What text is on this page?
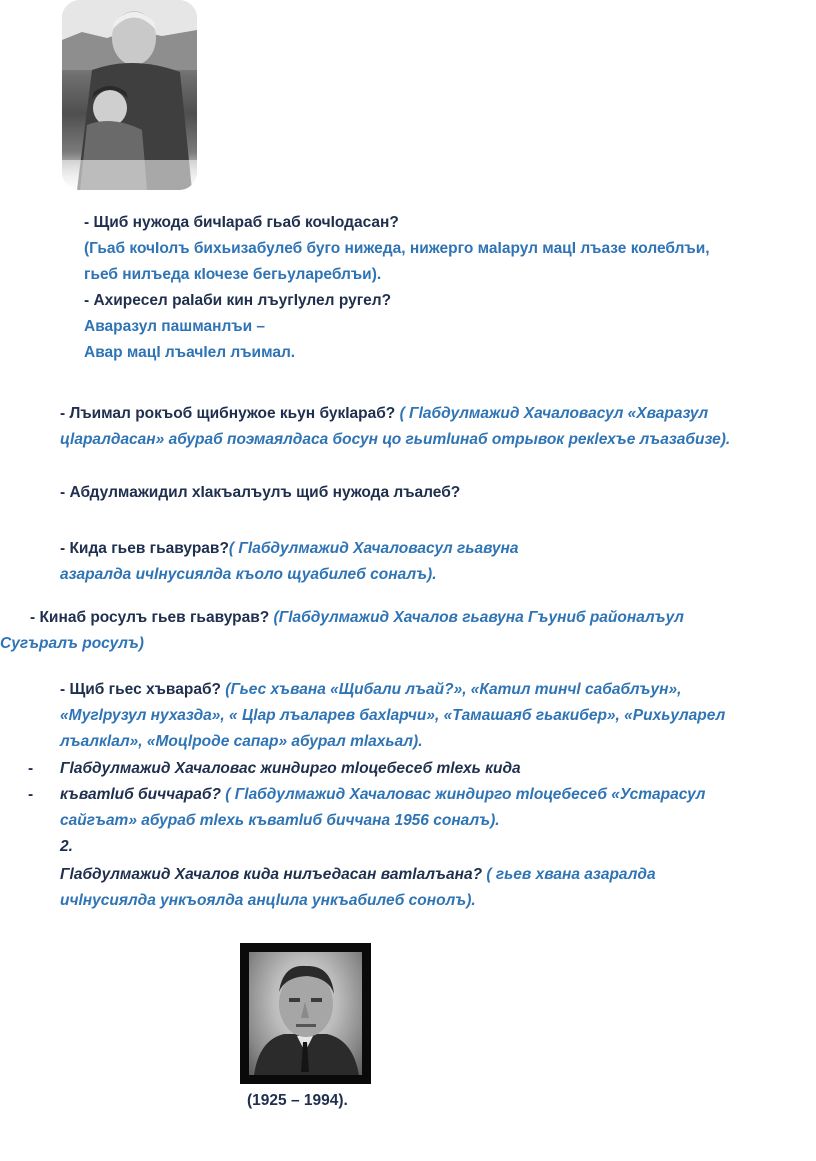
- Щиб нужода бичӀараб гьаб кочӀодасан?
(Гьаб кочӀолъ бихьизабулеб буго нижеда, нижерго маIарул мацI лъазе колеблъи,
гьеб нилъеда кIочезе бегьулареблъи).
- Ахиресел раIаби кин лъугIулел ругел?
Аваразул пашманлъи –
Авар мацI лъачIел лъимал.
- Лъимал рокъоб щибнужое кьун букIараб? ( Гlабдулмажид Хачаловасул «Хваразул
цlаралдасан» абураб поэмаялдаса босун цо гьитlинаб отрывок рекlехъе лъазабизе).
- Абдулмажидил хIакъалъулъ щиб нужода лъалеб?
- Кида гьев гьавурав?( Гlабдулмажид Хачаловасул гьавуна
азаралда ичlнусиялда къоло щуабилеб соналъ).
- Кинаб росулъ гьев гьавурав? (Гlабдулмажид Хачалов гьавуна Гъуниб районалъул
Сугъралъ росулъ)
- Щиб гьес хъвараб? (Гьес хъвана «Щибали лъай?», «Катил тинчl сабаблъун»,
«Мугlрузул нухазда», « Цlар лъаларев бахlарчи», «Тамашаяб гьакибер», «Рихьуларел
лъалкlал», «Моцlроде сапар» абурал тlахьал).
- Гlабдулмажид Хачаловас жиндирго тlоцебесеб тlехь кида
- къватlиб биччараб? ( Гlабдулмажид Хачаловас жиндирго тlоцебесеб «Устарасул
сайгъат» абураб тlехь къватlиб биччана 1956 соналъ).
2.
Гlабдулмажид Хачалов кида нилъедасан ватlалъана? ( гьев хвана азаралда
ичlнусиялда ункъоялда анцlила ункъабилеб сонолъ).
(1925 – 1994).
